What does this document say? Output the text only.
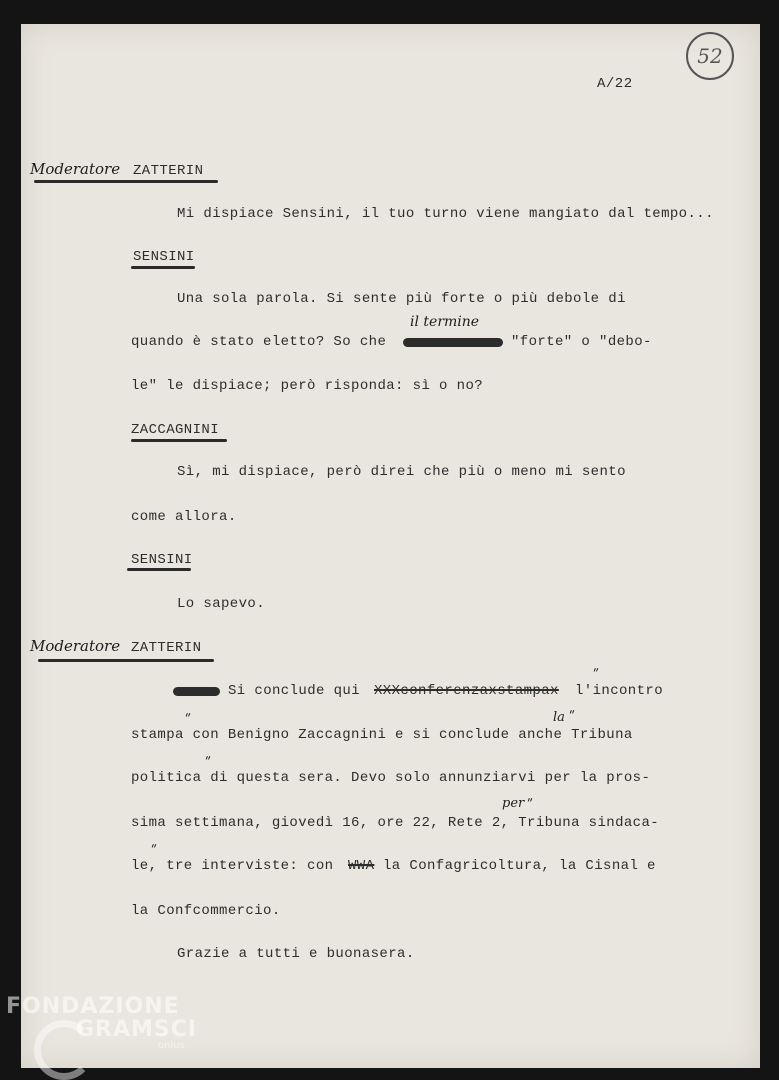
52
A/22
Moderatore ZATTERIN
Mi dispiace Sensini, il tuo turno viene mangiato dal tempo...
SENSINI
Una sola parola. Si sente più forte o più debole di
il termine
quando è stato eletto? So che	"forte" o "debo-
le" le dispiace; però risponda: sì o no?
ZACCAGNINI
Sì, mi dispiace, però direi che più o meno mi sento
come allora.
SENSINI
Lo sapevo.
Moderatore ZATTERIN
Si conclude qui XXXconferenzaxstampax
ʺ
l'incontro
ʺ	la ʺ
stampa con Benigno Zaccagnini e si conclude anche Tribuna
ʺ
politica di questa sera. Devo solo annunziarvi per la pros-
per ʺ
sima settimana, giovedì 16, ore 22, Rete 2, Tribuna sindaca-
ʺ
le, tre interviste: con WWA la Confagricoltura, la Cisnal e
la Confcommercio.
Grazie a tutti e buonasera.
FONDAZIONE
GRAMSCI
onlus
